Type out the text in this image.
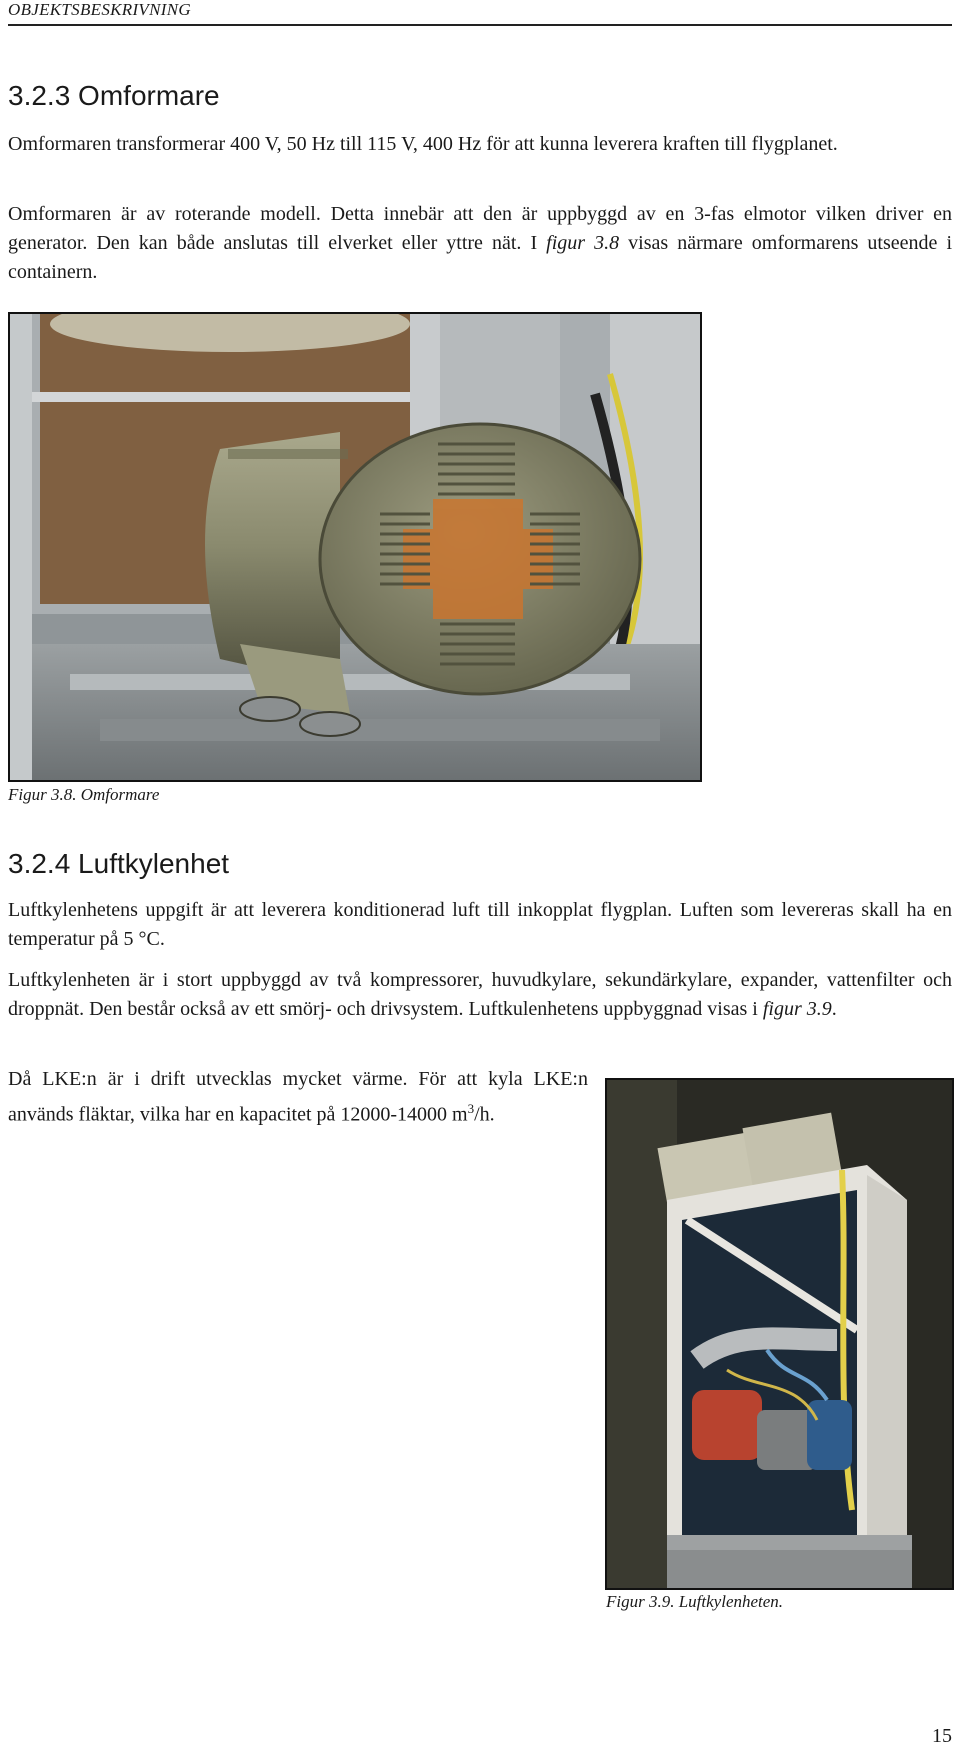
OBJEKTSBESKRIVNING
3.2.3 Omformare

Omformaren transformerar 400 V, 50 Hz till 115 V, 400 Hz för att kunna leverera kraften till flygplanet.

Omformaren är av roterande modell. Detta innebär att den är uppbyggd av en 3-fas elmotor vilken driver en generator. Den kan både anslutas till elverket eller yttre nät. I figur 3.8 visas närmare omformarens utseende i containern.

Figur 3.8. Omformare
3.2.4 Luftkylenhet

Luftkylenhetens uppgift är att leverera konditionerad luft till inkopplat flygplan. Luften som levereras skall ha en temperatur på 5 °C.

Luftkylenheten är i stort uppbyggd av två kompressorer, huvudkylare, sekundärkylare, expander, vattenfilter och droppnät. Den består också av ett smörj- och drivsystem. Luftkulenhetens uppbyggnad visas i figur 3.9.

Då LKE:n är i drift utvecklas mycket värme. För att kyla LKE:n används fläktar, vilka har en kapacitet på 12000-14000 $m^3/h$.

Figur 3.9. Luftkylenheten.
15
